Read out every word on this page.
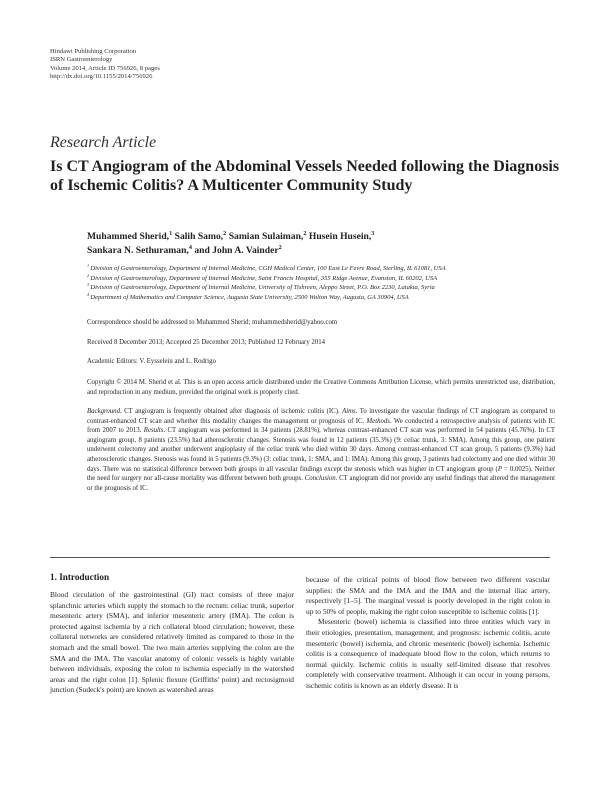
Hindawi Publishing Corporation
ISRN Gastroenterology
Volume 2014, Article ID 756926, 8 pages
http://dx.doi.org/10.1155/2014/756926
Research Article
Is CT Angiogram of the Abdominal Vessels Needed following the Diagnosis of Ischemic Colitis? A Multicenter Community Study
Muhammed Sherid,$^1$ Salih Samo,$^2$ Samian Sulaiman,$^2$ Husein Husein,$^3$
Sankara N. Sethuraman,$^4$ and John A. Vainder$^2$
$^1$ Division of Gastroenterology, Department of Internal Medicine, CGH Medical Center, 100 East Le Fevre Road, Sterling, IL 61081, USA
$^2$ Division of Gastroenterology, Department of Internal Medicine, Saint Francis Hospital, 355 Ridge Avenue, Evanston, IL 60202, USA
$^3$ Division of Gastroenterology, Department of Internal Medicine, University of Tishreen, Aleppo Street, P.O. Box 2230, Latakia, Syria
$^4$ Department of Mathematics and Computer Science, Augusta State University, 2500 Walton Way, Augusta, GA 30904, USA
Correspondence should be addressed to Muhammed Sherid; muhammedsherid@yahoo.com
Received 8 December 2013; Accepted 25 December 2013; Published 12 February 2014
Academic Editors: V. Eysselein and L. Rodrigo
Copyright © 2014 M. Sherid et al. This is an open access article distributed under the Creative Commons Attribution License, which permits unrestricted use, distribution, and reproduction in any medium, provided the original work is properly cited.
Background. CT angiogram is frequently obtained after diagnosis of ischemic colitis (IC). Aims. To investigate the vascular findings of CT angiogram as compared to contrast-enhanced CT scan and whether this modality changes the management or prognosis of IC. Methods. We conducted a retrospective analysis of patients with IC from 2007 to 2013. Results. CT angiogram was performed in 34 patients (28.81%), whereas contrast-enhanced CT scan was performed in 54 patients (45.76%). In CT angiogram group, 8 patients (23.5%) had atherosclerotic changes. Stenosis was found in 12 patients (35.3%) (9: celiac trunk, 3: SMA). Among this group, one patient underwent colectomy and another underwent angioplasty of the celiac trunk who died within 30 days. Among contrast-enhanced CT scan group, 5 patients (9.3%) had atherosclerotic changes. Stenosis was found in 5 patients (9.3%) (3: celiac trunk, 1: SMA, and 1: IMA). Among this group, 3 patients had colectomy and one died within 30 days. There was no statistical difference between both groups in all vascular findings except the stenosis which was higher in CT angiogram group (P = 0.0025). Neither the need for surgery nor all-cause mortality was different between both groups. Conclusion. CT angiogram did not provide any useful findings that altered the management or the prognosis of IC.
1. Introduction

Blood circulation of the gastrointestinal (GI) tract consists of three major splanchnic arteries which supply the stomach to the rectum: celiac trunk, superior mesenteric artery (SMA), and inferior mesenteric artery (IMA). The colon is protected against ischemia by a rich collateral blood circulation; however, these collateral networks are considered relatively limited as compared to those in the stomach and the small bowel. The two main arteries supplying the colon are the SMA and the IMA. The vascular anatomy of colonic vessels is highly variable between individuals, exposing the colon to ischemia especially in the watershed areas and the right colon [1]. Splenic flexure (Griffiths' point) and rectosigmoid junction (Sudeck's point) are known as watershed areas

because of the critical points of blood flow between two different vascular supplies: the SMA and the IMA and the IMA and the internal iliac artery, respectively [1–5]. The marginal vessel is poorly developed in the right colon in up to 50% of people, making the right colon susceptible to ischemic colitis [1].

Mesenteric (bowel) ischemia is classified into three entities which vary in their etiologies, presentation, management, and prognosis: ischemic colitis, acute mesenteric (bowel) ischemia, and chronic mesenteric (bowel) ischemia. Ischemic colitis is a consequence of inadequate blood flow to the colon, which returns to normal quickly. Ischemic colitis is usually self-limited disease that resolves completely with conservative treatment. Although it can occur in young persons, ischemic colitis is known as an elderly disease. It is
